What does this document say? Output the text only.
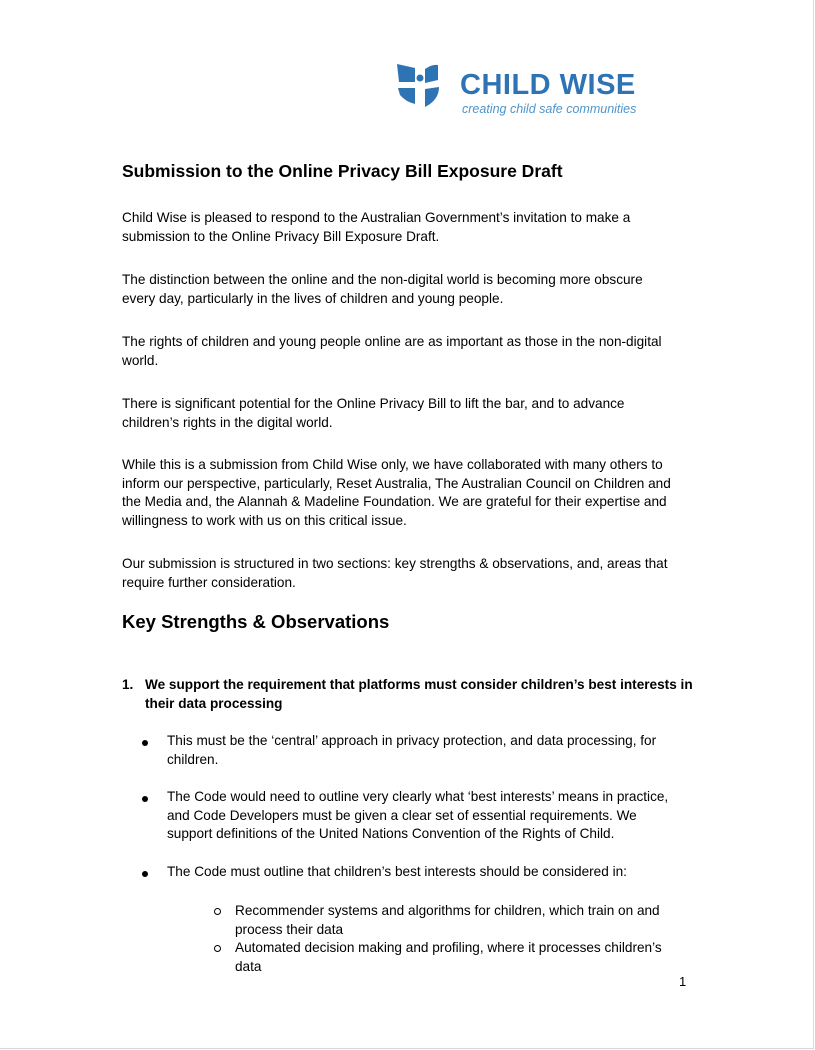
CHILD WISE
creating child safe communities
Submission to the Online Privacy Bill Exposure Draft
Child Wise is pleased to respond to the Australian Government’s invitation to make a
submission to the Online Privacy Bill Exposure Draft.
The distinction between the online and the non-digital world is becoming more obscure
every day, particularly in the lives of children and young people.
The rights of children and young people online are as important as those in the non-digital
world.
There is significant potential for the Online Privacy Bill to lift the bar, and to advance
children’s rights in the digital world.
While this is a submission from Child Wise only, we have collaborated with many others to
inform our perspective, particularly, Reset Australia, The Australian Council on Children and
the Media and, the Alannah & Madeline Foundation. We are grateful for their expertise and
willingness to work with us on this critical issue.
Our submission is structured in two sections: key strengths & observations, and, areas that
require further consideration.
Key Strengths & Observations
1. We support the requirement that platforms must consider children’s best interests in
their data processing
This must be the ‘central’ approach in privacy protection, and data processing, for
children.
The Code would need to outline very clearly what ‘best interests’ means in practice,
and Code Developers must be given a clear set of essential requirements. We
support definitions of the United Nations Convention of the Rights of Child.
The Code must outline that children’s best interests should be considered in:
Recommender systems and algorithms for children, which train on and
process their data
Automated decision making and profiling, where it processes children’s
data
1
